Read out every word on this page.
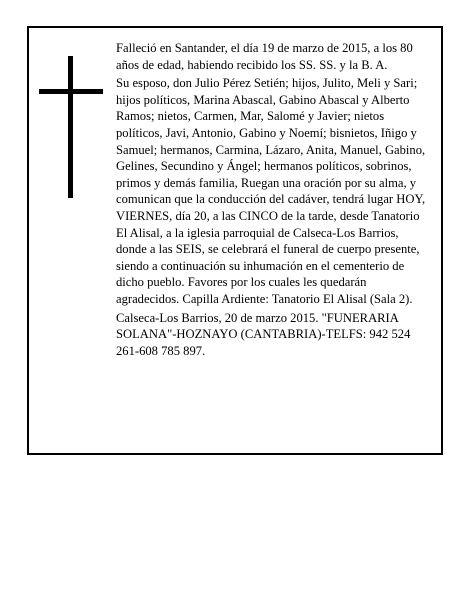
Falleció en Santander, el día 19 de marzo de 2015, a los 80 años de edad, habiendo recibido los SS. SS. y la B. A.

Su esposo, don Julio Pérez Setién; hijos, Julito, Meli y Sari; hijos políticos, Marina Abascal, Gabino Abascal y Alberto Ramos; nietos, Carmen, Mar, Salomé y Javier; nietos políticos, Javi, Antonio, Gabino y Noemí; bisnietos, Iñigo y Samuel; hermanos, Carmina, Lázaro, Anita, Manuel, Gabino, Gelines, Secundino y Ángel; hermanos políticos, sobrinos, primos y demás familia, Ruegan una oración por su alma, y comunican que la conducción del cadáver, tendrá lugar HOY, VIERNES, día 20, a las CINCO de la tarde, desde Tanatorio El Alisal, a la iglesia parroquial de Calseca-Los Barrios, donde a las SEIS, se celebrará el funeral de cuerpo presente, siendo a continuación su inhumación en el cementerio de dicho pueblo. Favores por los cuales les quedarán agradecidos. Capilla Ardiente: Tanatorio El Alisal (Sala 2).

Calseca-Los Barrios, 20 de marzo 2015. "FUNERARIA SOLANA"-HOZNAYO (CANTABRIA)-TELFS: 942 524 261-608 785 897.
